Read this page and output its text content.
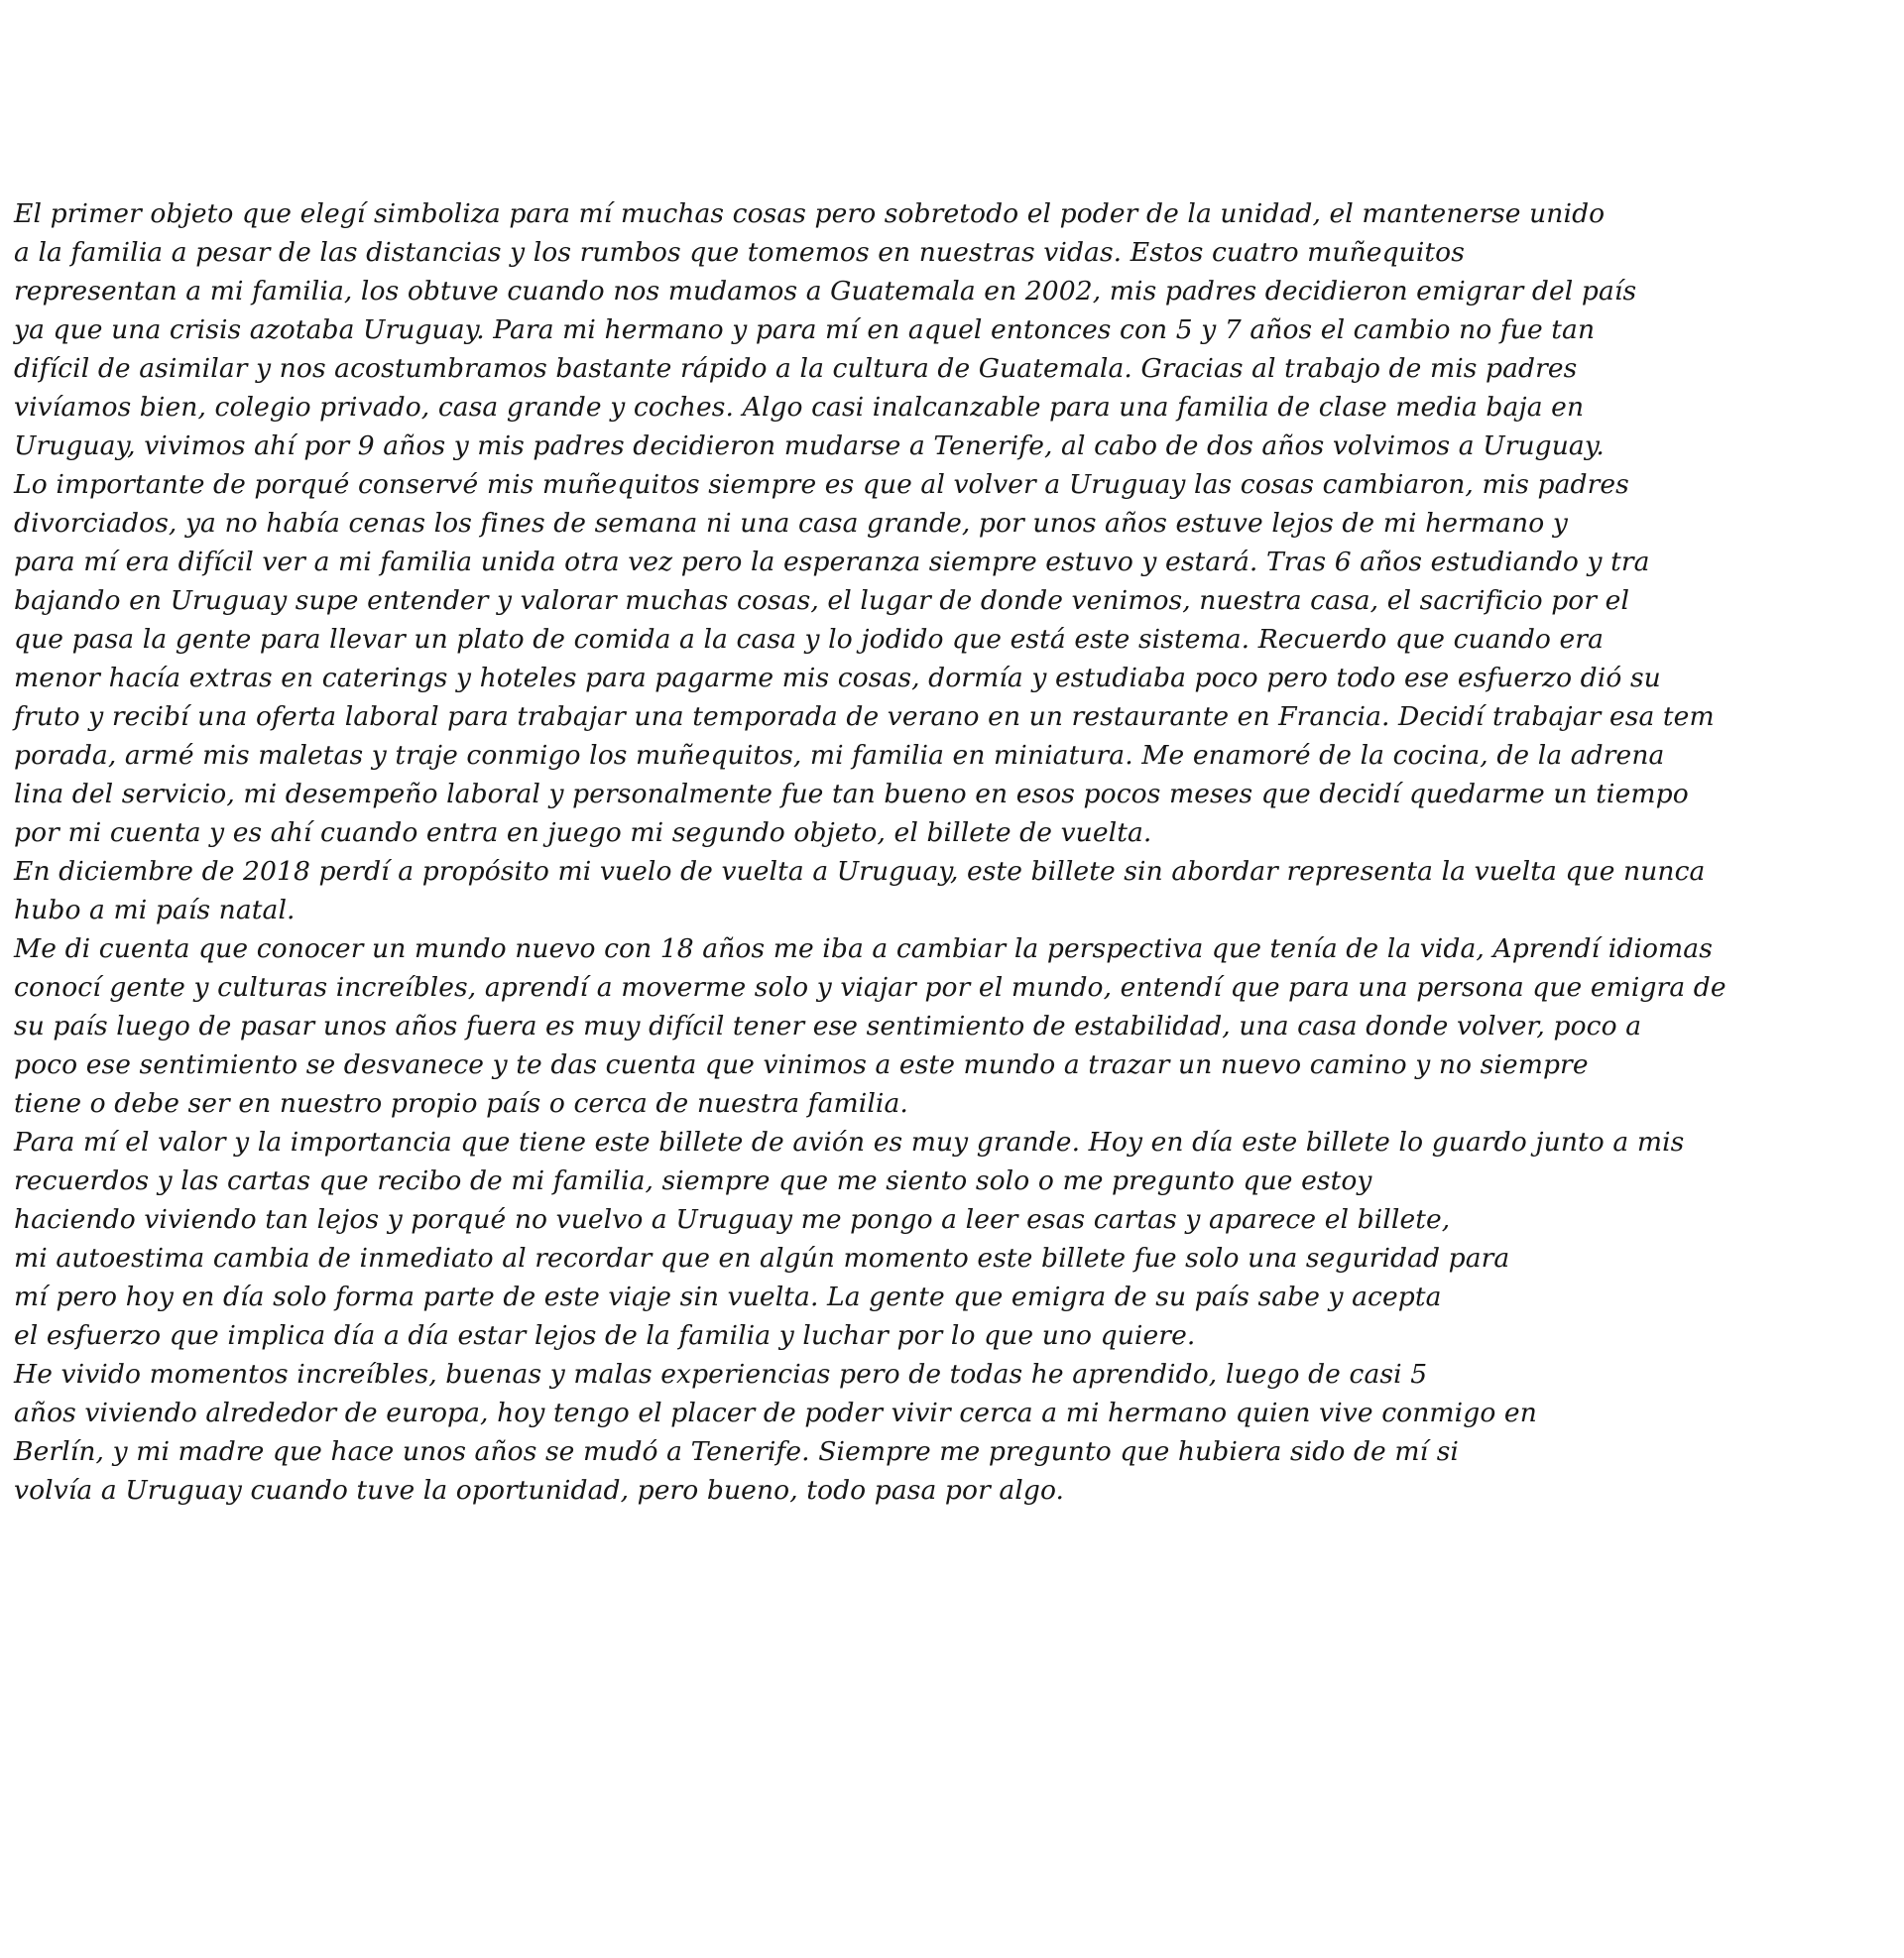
El primer objeto que elegí simboliza para mí muchas cosas pero sobretodo el poder de la unidad, el mantenerse unido
a la familia a pesar de las distancias y los rumbos que tomemos en nuestras vidas. Estos cuatro muñequitos
representan a mi familia, los obtuve cuando nos mudamos a Guatemala en 2002, mis padres decidieron emigrar del país
ya que una crisis azotaba Uruguay. Para mi hermano y para mí en aquel entonces con 5 y 7 años el cambio no fue tan
difícil de asimilar y nos acostumbramos bastante rápido a la cultura de Guatemala. Gracias al trabajo de mis padres
vivíamos bien, colegio privado, casa grande y coches. Algo casi inalcanzable para una familia de clase media baja en
Uruguay, vivimos ahí por 9 años y mis padres decidieron mudarse a Tenerife, al cabo de dos años volvimos a Uruguay.
Lo importante de porqué conservé mis muñequitos siempre es que al volver a Uruguay las cosas cambiaron, mis padres
divorciados, ya no había cenas los fines de semana ni una casa grande, por unos años estuve lejos de mi hermano y
para mí era difícil ver a mi familia unida otra vez pero la esperanza siempre estuvo y estará. Tras 6 años estudiando y tra
bajando en Uruguay supe entender y valorar muchas cosas, el lugar de donde venimos, nuestra casa, el sacrificio por el
que pasa la gente para llevar un plato de comida a la casa y lo jodido que está este sistema. Recuerdo que cuando era
menor hacía extras en caterings y hoteles para pagarme mis cosas, dormía y estudiaba poco pero todo ese esfuerzo dió su
fruto y recibí una oferta laboral para trabajar una temporada de verano en un restaurante en Francia. Decidí trabajar esa tem
porada, armé mis maletas y traje conmigo los muñequitos, mi familia en miniatura. Me enamoré de la cocina, de la adrena
lina del servicio, mi desempeño laboral y personalmente fue tan bueno en esos pocos meses que decidí quedarme un tiempo
por mi cuenta y es ahí cuando entra en juego mi segundo objeto, el billete de vuelta.
En diciembre de 2018 perdí a propósito mi vuelo de vuelta a Uruguay, este billete sin abordar representa la vuelta que nunca
hubo a mi país natal.
Me di cuenta que conocer un mundo nuevo con 18 años me iba a cambiar la perspectiva que tenía de la vida, Aprendí idiomas
conocí gente y culturas increíbles, aprendí a moverme solo y viajar por el mundo, entendí que para una persona que emigra de
su país luego de pasar unos años fuera es muy difícil tener ese sentimiento de estabilidad, una casa donde volver, poco a
poco ese sentimiento se desvanece y te das cuenta que vinimos a este mundo a trazar un nuevo camino y no siempre
tiene o debe ser en nuestro propio país o cerca de nuestra familia.
Para mí el valor y la importancia que tiene este billete de avión es muy grande. Hoy en día este billete lo guardo junto a mis
recuerdos y las cartas que recibo de mi familia, siempre que me siento solo o me pregunto que estoy
haciendo viviendo tan lejos y porqué no vuelvo a Uruguay me pongo a leer esas cartas y aparece el billete,
mi autoestima cambia de inmediato al recordar que en algún momento este billete fue solo una seguridad para
mí pero hoy en día solo forma parte de este viaje sin vuelta. La gente que emigra de su país sabe y acepta
el esfuerzo que implica día a día estar lejos de la familia y luchar por lo que uno quiere.
He vivido momentos increíbles, buenas y malas experiencias pero de todas he aprendido, luego de casi 5
años viviendo alrededor de europa, hoy tengo el placer de poder vivir cerca a mi hermano quien vive conmigo en
Berlín, y mi madre que hace unos años se mudó a Tenerife. Siempre me pregunto que hubiera sido de mí si
volvía a Uruguay cuando tuve la oportunidad, pero bueno, todo pasa por algo.
